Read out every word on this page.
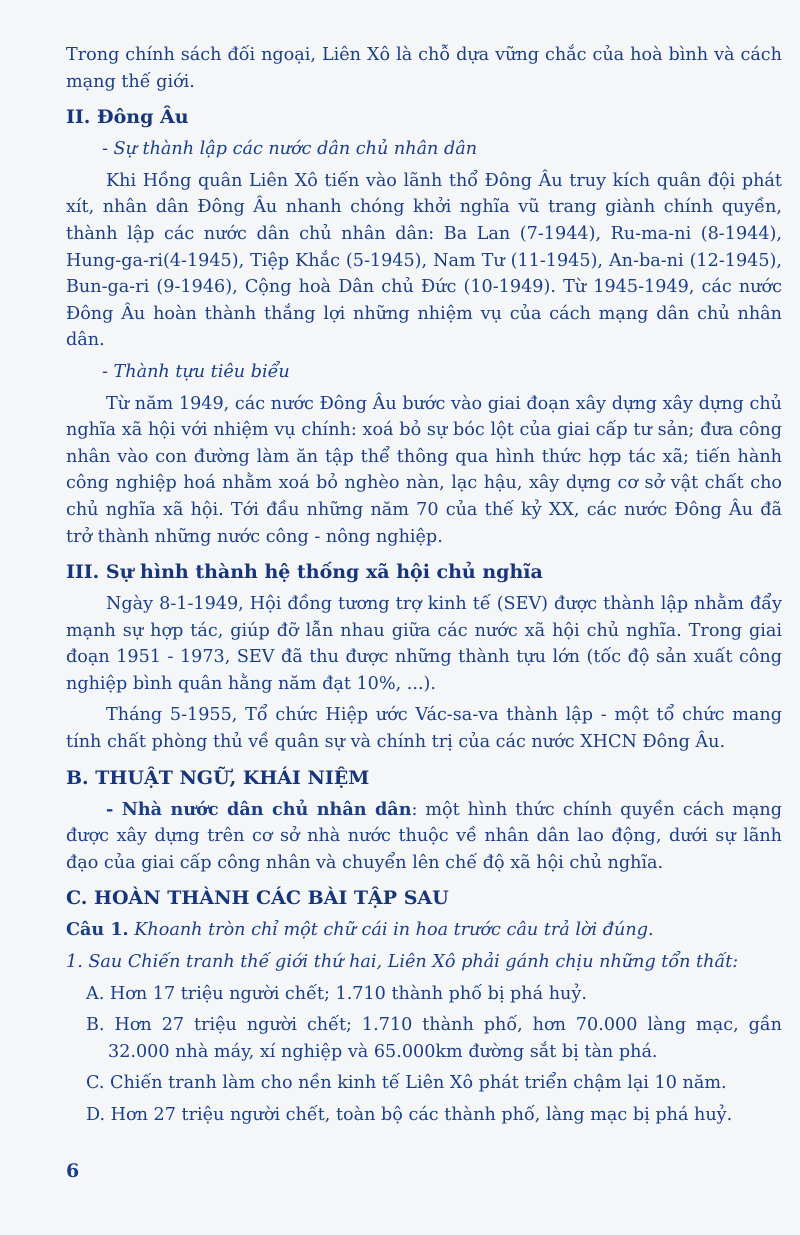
Trong chính sách đối ngoại, Liên Xô là chỗ dựa vững chắc của hoà bình và cách mạng thế giới.

II. Đông Âu

- Sự thành lập các nước dân chủ nhân dân

Khi Hồng quân Liên Xô tiến vào lãnh thổ Đông Âu truy kích quân đội phát xít, nhân dân Đông Âu nhanh chóng khởi nghĩa vũ trang giành chính quyền, thành lập các nước dân chủ nhân dân: Ba Lan (7-1944), Ru-ma-ni (8-1944), Hung-ga-ri(4-1945), Tiệp Khắc (5-1945), Nam Tư (11-1945), An-ba-ni (12-1945), Bun-ga-ri (9-1946), Cộng hoà Dân chủ Đức (10-1949). Từ 1945-1949, các nước Đông Âu hoàn thành thắng lợi những nhiệm vụ của cách mạng dân chủ nhân dân.

- Thành tựu tiêu biểu

Từ năm 1949, các nước Đông Âu bước vào giai đoạn xây dựng xây dựng chủ nghĩa xã hội với nhiệm vụ chính: xoá bỏ sự bóc lột của giai cấp tư sản; đưa công nhân vào con đường làm ăn tập thể thông qua hình thức hợp tác xã; tiến hành công nghiệp hoá nhằm xoá bỏ nghèo nàn, lạc hậu, xây dựng cơ sở vật chất cho chủ nghĩa xã hội. Tới đầu những năm 70 của thế kỷ XX, các nước Đông Âu đã trở thành những nước công - nông nghiệp.

III. Sự hình thành hệ thống xã hội chủ nghĩa

Ngày 8-1-1949, Hội đồng tương trợ kinh tế (SEV) được thành lập nhằm đẩy mạnh sự hợp tác, giúp đỡ lẫn nhau giữa các nước xã hội chủ nghĩa. Trong giai đoạn 1951 - 1973, SEV đã thu được những thành tựu lớn (tốc độ sản xuất công nghiệp bình quân hằng năm đạt 10%, ...).

Tháng 5-1955, Tổ chức Hiệp ước Vác-sa-va thành lập - một tổ chức mang tính chất phòng thủ về quân sự và chính trị của các nước XHCN Đông Âu.

B. THUẬT NGỮ, KHÁI NIỆM

- Nhà nước dân chủ nhân dân: một hình thức chính quyền cách mạng được xây dựng trên cơ sở nhà nước thuộc về nhân dân lao động, dưới sự lãnh đạo của giai cấp công nhân và chuyển lên chế độ xã hội chủ nghĩa.

C. HOÀN THÀNH CÁC BÀI TẬP SAU

Câu 1. Khoanh tròn chỉ một chữ cái in hoa trước câu trả lời đúng.

1. Sau Chiến tranh thế giới thứ hai, Liên Xô phải gánh chịu những tổn thất:

A. Hơn 17 triệu người chết; 1.710 thành phố bị phá huỷ.

B. Hơn 27 triệu người chết; 1.710 thành phố, hơn 70.000 làng mạc, gần 32.000 nhà máy, xí nghiệp và 65.000km đường sắt bị tàn phá.

C. Chiến tranh làm cho nền kinh tế Liên Xô phát triển chậm lại 10 năm.

D. Hơn 27 triệu người chết, toàn bộ các thành phố, làng mạc bị phá huỷ.

6
